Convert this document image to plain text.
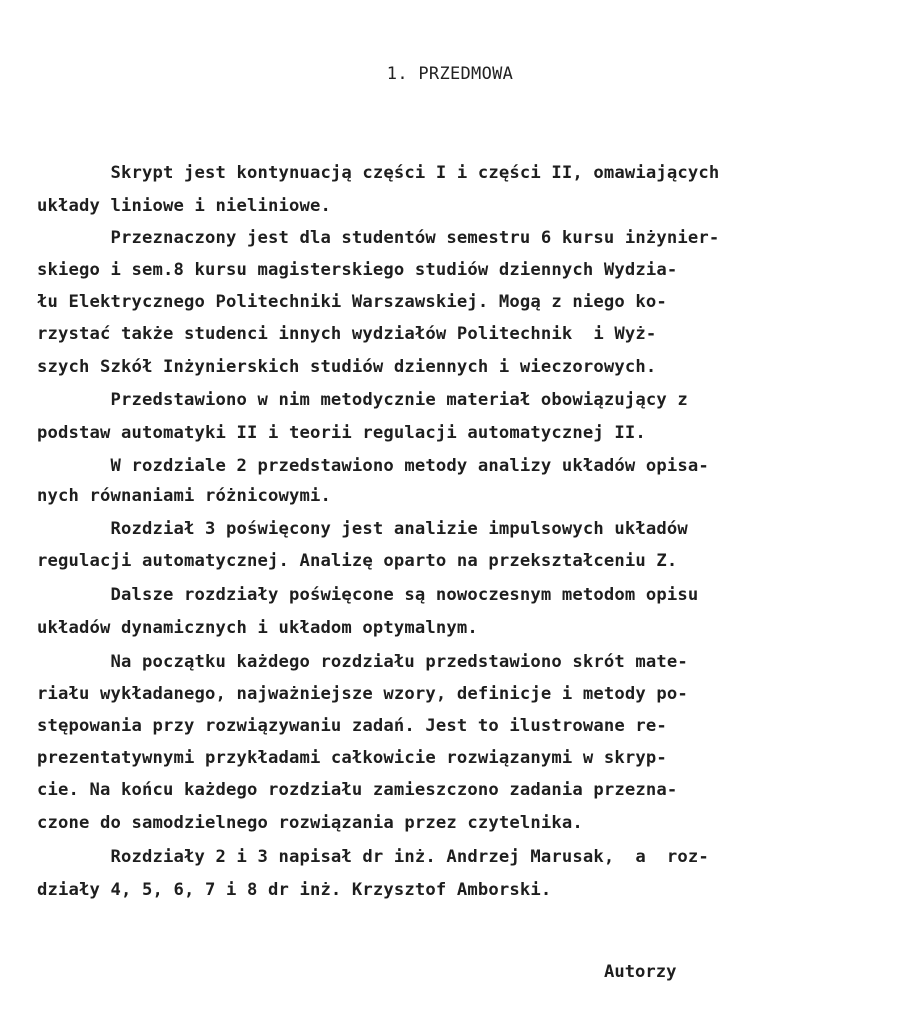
1. PRZEDMOWA
Skrypt jest kontynuacją części I i części II, omawiających
układy liniowe i nieliniowe.
Przeznaczony jest dla studentów semestru 6 kursu inżynier-
skiego i sem.8 kursu magisterskiego studiów dziennych Wydzia-
łu Elektrycznego Politechniki Warszawskiej. Mogą z niego ko-
rzystać także studenci innych wydziałów Politechnik  i Wyż-
szych Szkół Inżynierskich studiów dziennych i wieczorowych.
Przedstawiono w nim metodycznie materiał obowiązujący z
podstaw automatyki II i teorii regulacji automatycznej II.
W rozdziale 2 przedstawiono metody analizy układów opisa-
nych równaniami różnicowymi.
Rozdział 3 poświęcony jest analizie impulsowych układów
regulacji automatycznej. Analizę oparto na przekształceniu Z.
Dalsze rozdziały poświęcone są nowoczesnym metodom opisu
układów dynamicznych i układom optymalnym.
Na początku każdego rozdziału przedstawiono skrót mate-
riału wykładanego, najważniejsze wzory, definicje i metody po-
stępowania przy rozwiązywaniu zadań. Jest to ilustrowane re-
prezentatywnymi przykładami całkowicie rozwiązanymi w skryp-
cie. Na końcu każdego rozdziału zamieszczono zadania przezna-
czone do samodzielnego rozwiązania przez czytelnika.
Rozdziały 2 i 3 napisał dr inż. Andrzej Marusak,  a  roz-
działy 4, 5, 6, 7 i 8 dr inż. Krzysztof Amborski.
Autorzy
